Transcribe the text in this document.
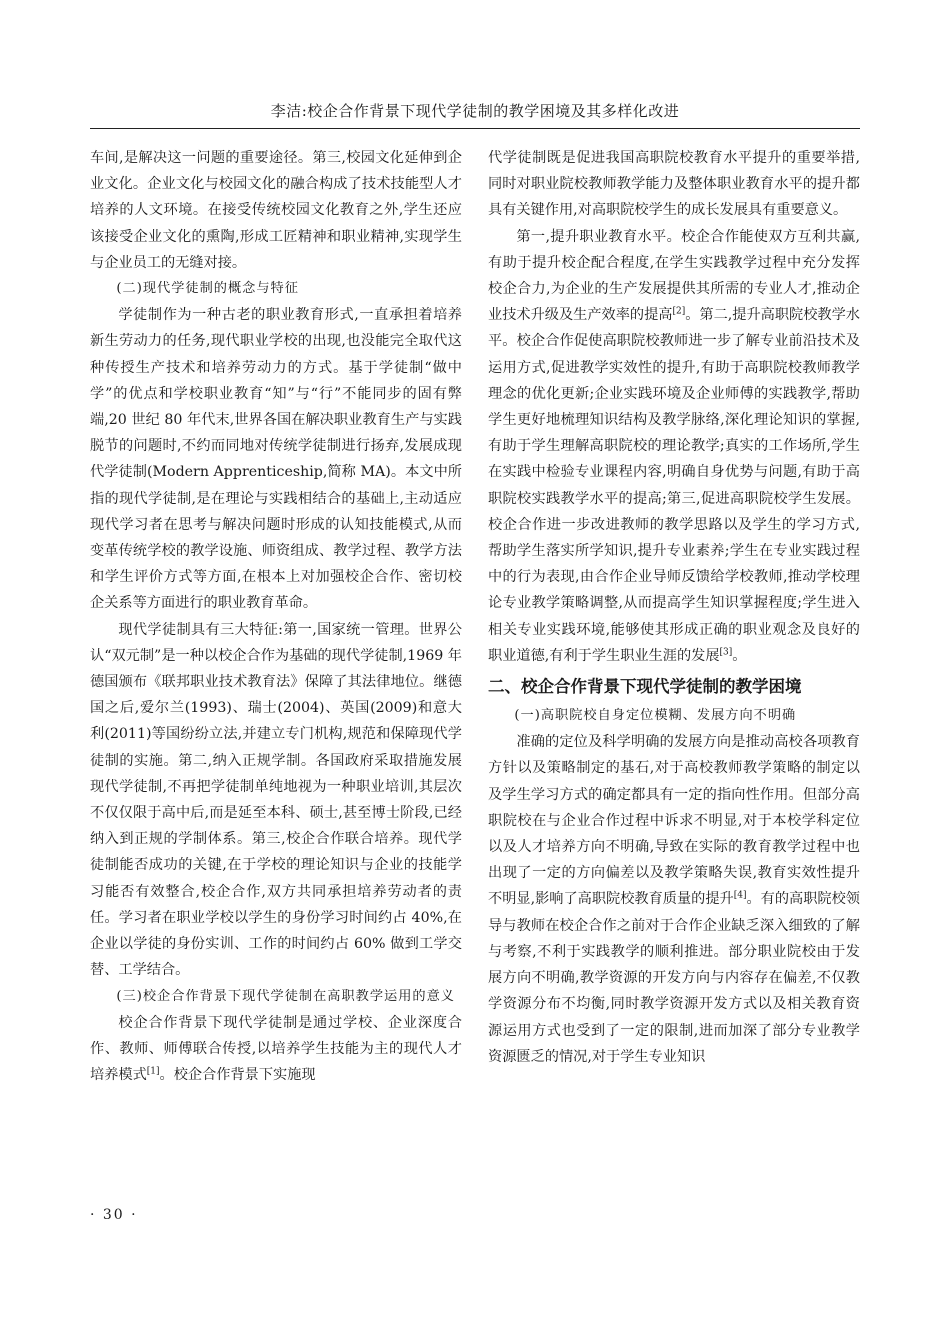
李洁:校企合作背景下现代学徒制的教学困境及其多样化改进

车间,是解决这一问题的重要途径。第三,校园文化延伸到企业文化。企业文化与校园文化的融合构成了技术技能型人才培养的人文环境。在接受传统校园文化教育之外,学生还应该接受企业文化的熏陶,形成工匠精神和职业精神,实现学生与企业员工的无缝对接。

(二)现代学徒制的概念与特征

学徒制作为一种古老的职业教育形式,一直承担着培养新生劳动力的任务,现代职业学校的出现,也没能完全取代这种传授生产技术和培养劳动力的方式。基于学徒制“做中学”的优点和学校职业教育“知”与“行”不能同步的固有弊端,20 世纪 80 年代末,世界各国在解决职业教育生产与实践脱节的问题时,不约而同地对传统学徒制进行扬弃,发展成现代学徒制(Modern Apprenticeship,简称 MA)。本文中所指的现代学徒制,是在理论与实践相结合的基础上,主动适应现代学习者在思考与解决问题时形成的认知技能模式,从而变革传统学校的教学设施、师资组成、教学过程、教学方法和学生评价方式等方面,在根本上对加强校企合作、密切校企关系等方面进行的职业教育革命。

现代学徒制具有三大特征:第一,国家统一管理。世界公认“双元制”是一种以校企合作为基础的现代学徒制,1969 年德国颁布《联邦职业技术教育法》保障了其法律地位。继德国之后,爱尔兰(1993)、瑞士(2004)、英国(2009)和意大利(2011)等国纷纷立法,并建立专门机构,规范和保障现代学徒制的实施。第二,纳入正规学制。各国政府采取措施发展现代学徒制,不再把学徒制单纯地视为一种职业培训,其层次不仅仅限于高中后,而是延至本科、硕士,甚至博士阶段,已经纳入到正规的学制体系。第三,校企合作联合培养。现代学徒制能否成功的关键,在于学校的理论知识与企业的技能学习能否有效整合,校企合作,双方共同承担培养劳动者的责任。学习者在职业学校以学生的身份学习时间约占 40%,在企业以学徒的身份实训、工作的时间约占 60% 做到工学交替、工学结合。

(三)校企合作背景下现代学徒制在高职教学运用的意义

校企合作背景下现代学徒制是通过学校、企业深度合作、教师、师傅联合传授,以培养学生技能为主的现代人才培养模式[1]。校企合作背景下实施现

代学徒制既是促进我国高职院校教育水平提升的重要举措,同时对职业院校教师教学能力及整体职业教育水平的提升都具有关键作用,对高职院校学生的成长发展具有重要意义。

第一,提升职业教育水平。校企合作能使双方互利共赢,有助于提升校企配合程度,在学生实践教学过程中充分发挥校企合力,为企业的生产发展提供其所需的专业人才,推动企业技术升级及生产效率的提高[2]。第二,提升高职院校教学水平。校企合作促使高职院校教师进一步了解专业前沿技术及运用方式,促进教学实效性的提升,有助于高职院校教师教学理念的优化更新;企业实践环境及企业师傅的实践教学,帮助学生更好地梳理知识结构及教学脉络,深化理论知识的掌握,有助于学生理解高职院校的理论教学;真实的工作场所,学生在实践中检验专业课程内容,明确自身优势与问题,有助于高职院校实践教学水平的提高;第三,促进高职院校学生发展。校企合作进一步改进教师的教学思路以及学生的学习方式,帮助学生落实所学知识,提升专业素养;学生在专业实践过程中的行为表现,由合作企业导师反馈给学校教师,推动学校理论专业教学策略调整,从而提高学生知识掌握程度;学生进入相关专业实践环境,能够使其形成正确的职业观念及良好的职业道德,有利于学生职业生涯的发展[3]。

二、校企合作背景下现代学徒制的教学困境
(一)高职院校自身定位模糊、发展方向不明确

准确的定位及科学明确的发展方向是推动高校各项教育方针以及策略制定的基石,对于高校教师教学策略的制定以及学生学习方式的确定都具有一定的指向性作用。但部分高职院校在与企业合作过程中诉求不明显,对于本校学科定位以及人才培养方向不明确,导致在实际的教育教学过程中也出现了一定的方向偏差以及教学策略失误,教育实效性提升不明显,影响了高职院校教育质量的提升[4]。有的高职院校领导与教师在校企合作之前对于合作企业缺乏深入细致的了解与考察,不利于实践教学的顺利推进。部分职业院校由于发展方向不明确,教学资源的开发方向与内容存在偏差,不仅教学资源分布不均衡,同时教学资源开发方式以及相关教育资源运用方式也受到了一定的限制,进而加深了部分专业教学资源匮乏的情况,对于学生专业知识

· 30 ·
